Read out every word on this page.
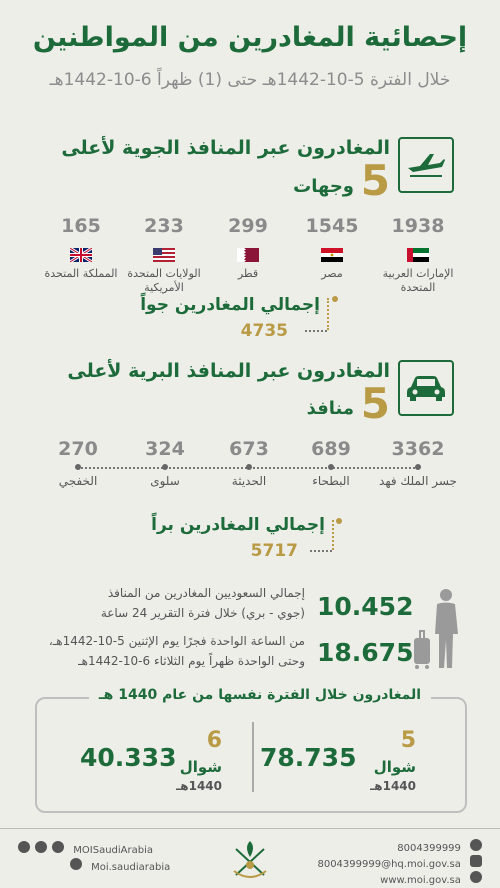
إحصائية المغادرين من المواطنين
خلال الفترة 5-10-1442هـ حتى (1) ظهراً 6-10-1442هـ
المغادرون عبر المنافذ الجوية لأعلى
5
وجهات
1938
الإمارات العربية المتحدة
1545
مصر
299
قطر
233
الولايات المتحدة الأمريكية
165
المملكة المتحدة
إجمالي المغادرين جواً
4735
المغادرون عبر المنافذ البرية لأعلى
5
منافذ
3362
جسر الملك فهد
689
البطحاء
673
الحديثة
324
سلوى
270
الخفجي
إجمالي المغادرين براً
5717
10.452
إجمالي السعوديين المغادرين من المنافذ
(جوي - بري) خلال فترة التقرير 24 ساعة
18.675
من الساعة الواحدة فجرًا يوم الإثنين 5-10-1442هـ،
وحتى الواحدة ظهراً يوم الثلاثاء 6-10-1442هـ
المغادرون خلال الفترة نفسها من عام 1440 هـ
5
شوال
1440هـ
78.735
6
شوال
1440هـ
40.333
MOISaudiArabia
Moi.saudiarabia
8004399999
8004399999@hq.moi.gov.sa
www.moi.gov.sa
